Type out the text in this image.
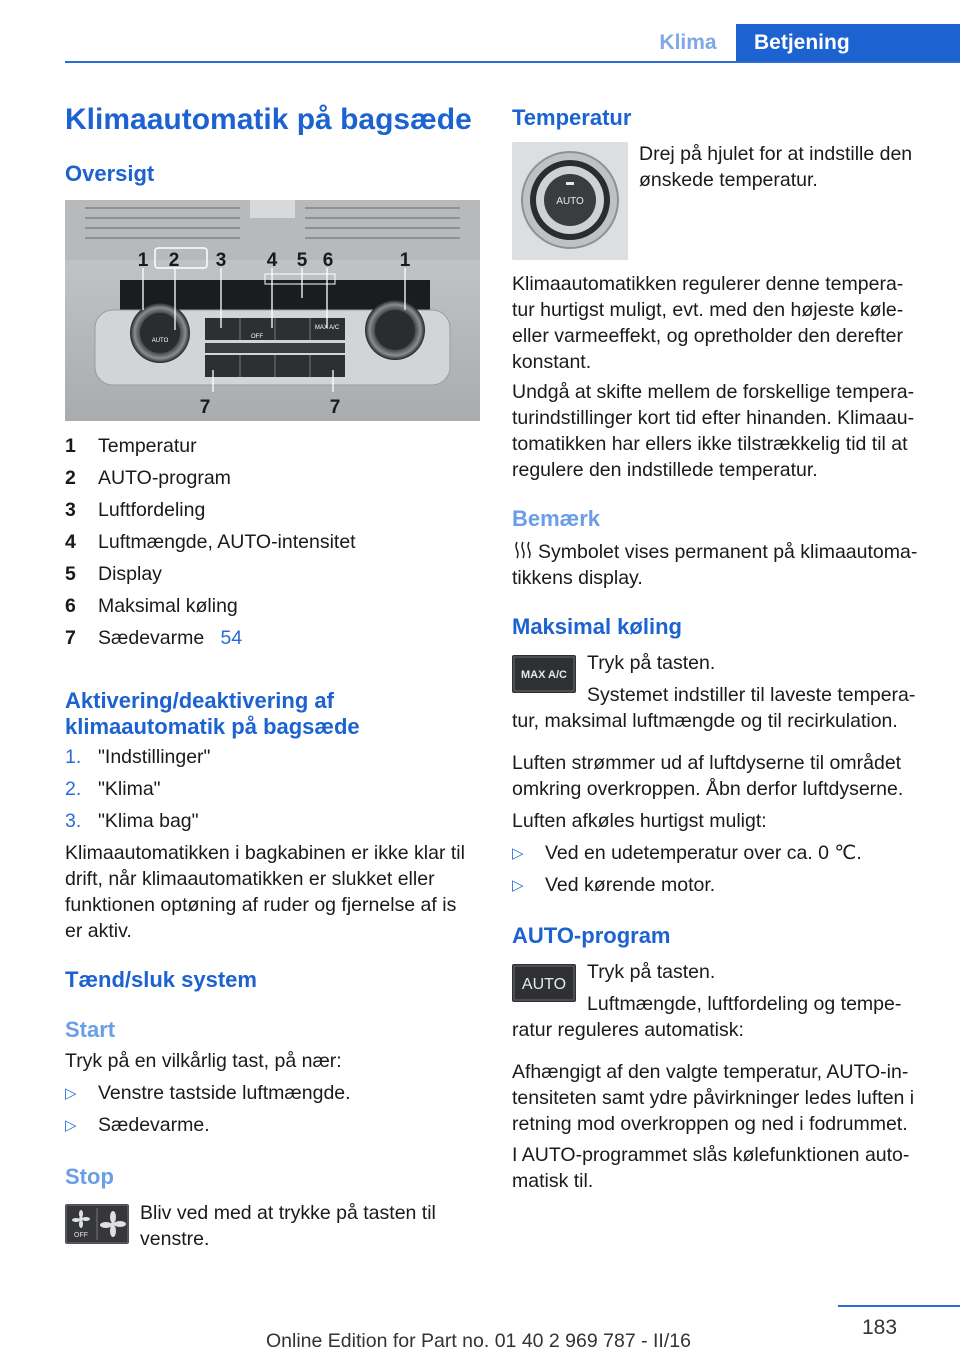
Klima	Betjening
Klimaautomatik på bagsæde
Oversigt
AUTO
OFF
MAX A/C
1 2 3 4 5 6	1
7	7
1 Temperatur
2 AUTO-program
3 Luftfordeling
4 Luftmængde, AUTO-intensitet
5 Display
6 Maksimal køling
7 Sædevarme 54
Aktivering/deaktivering af
klimaautomatik på bagsæde
1. "Indstillinger"
2. "Klima"
3. "Klima bag"
Klimaautomatikken i bagkabinen er ikke klar til
drift, når klimaautomatikken er slukket eller
funktionen optøning af ruder og fjernelse af is
er aktiv.
Tænd/sluk system
Start
Tryk på en vilkårlig tast, på nær:
▷ Venstre tastside luftmængde.
▷ Sædevarme.
Stop
OFF
Bliv ved med at trykke på tasten til
venstre.
Temperatur
AUTO
Drej på hjulet for at indstille den
ønskede temperatur.
Klimaautomatikken regulerer denne tempera‐
tur hurtigst muligt, evt. med den højeste køle‐
eller varmeeffekt, og opretholder den derefter
konstant.
Undgå at skifte mellem de forskellige tempera‐
turindstillinger kort tid efter hinanden. Klimaau‐
tomatikken har ellers ikke tilstrækkelig tid til at
regulere den indstillede temperatur.
Bemærk
Symbolet vises permanent på klimaautoma‐
tikkens display.
Maksimal køling
MAX A/C
Tryk på tasten.
Systemet indstiller til laveste tempera‐
tur, maksimal luftmængde og til recirkulation.
Luften strømmer ud af luftdyserne til området
omkring overkroppen. Åbn derfor luftdyserne.
Luften afkøles hurtigst muligt:
▷ Ved en udetemperatur over ca. 0 ℃.
▷ Ved kørende motor.
AUTO-program
AUTO
Tryk på tasten.
Luftmængde, luftfordeling og tempe‐
ratur reguleres automatisk:
Afhængigt af den valgte temperatur, AUTO-in‐
tensiteten samt ydre påvirkninger ledes luften i
retning mod overkroppen og ned i fodrummet.
I AUTO-programmet slås kølefunktionen auto‐
matisk til.
183
Online Edition for Part no. 01 40 2 969 787 - II/16
